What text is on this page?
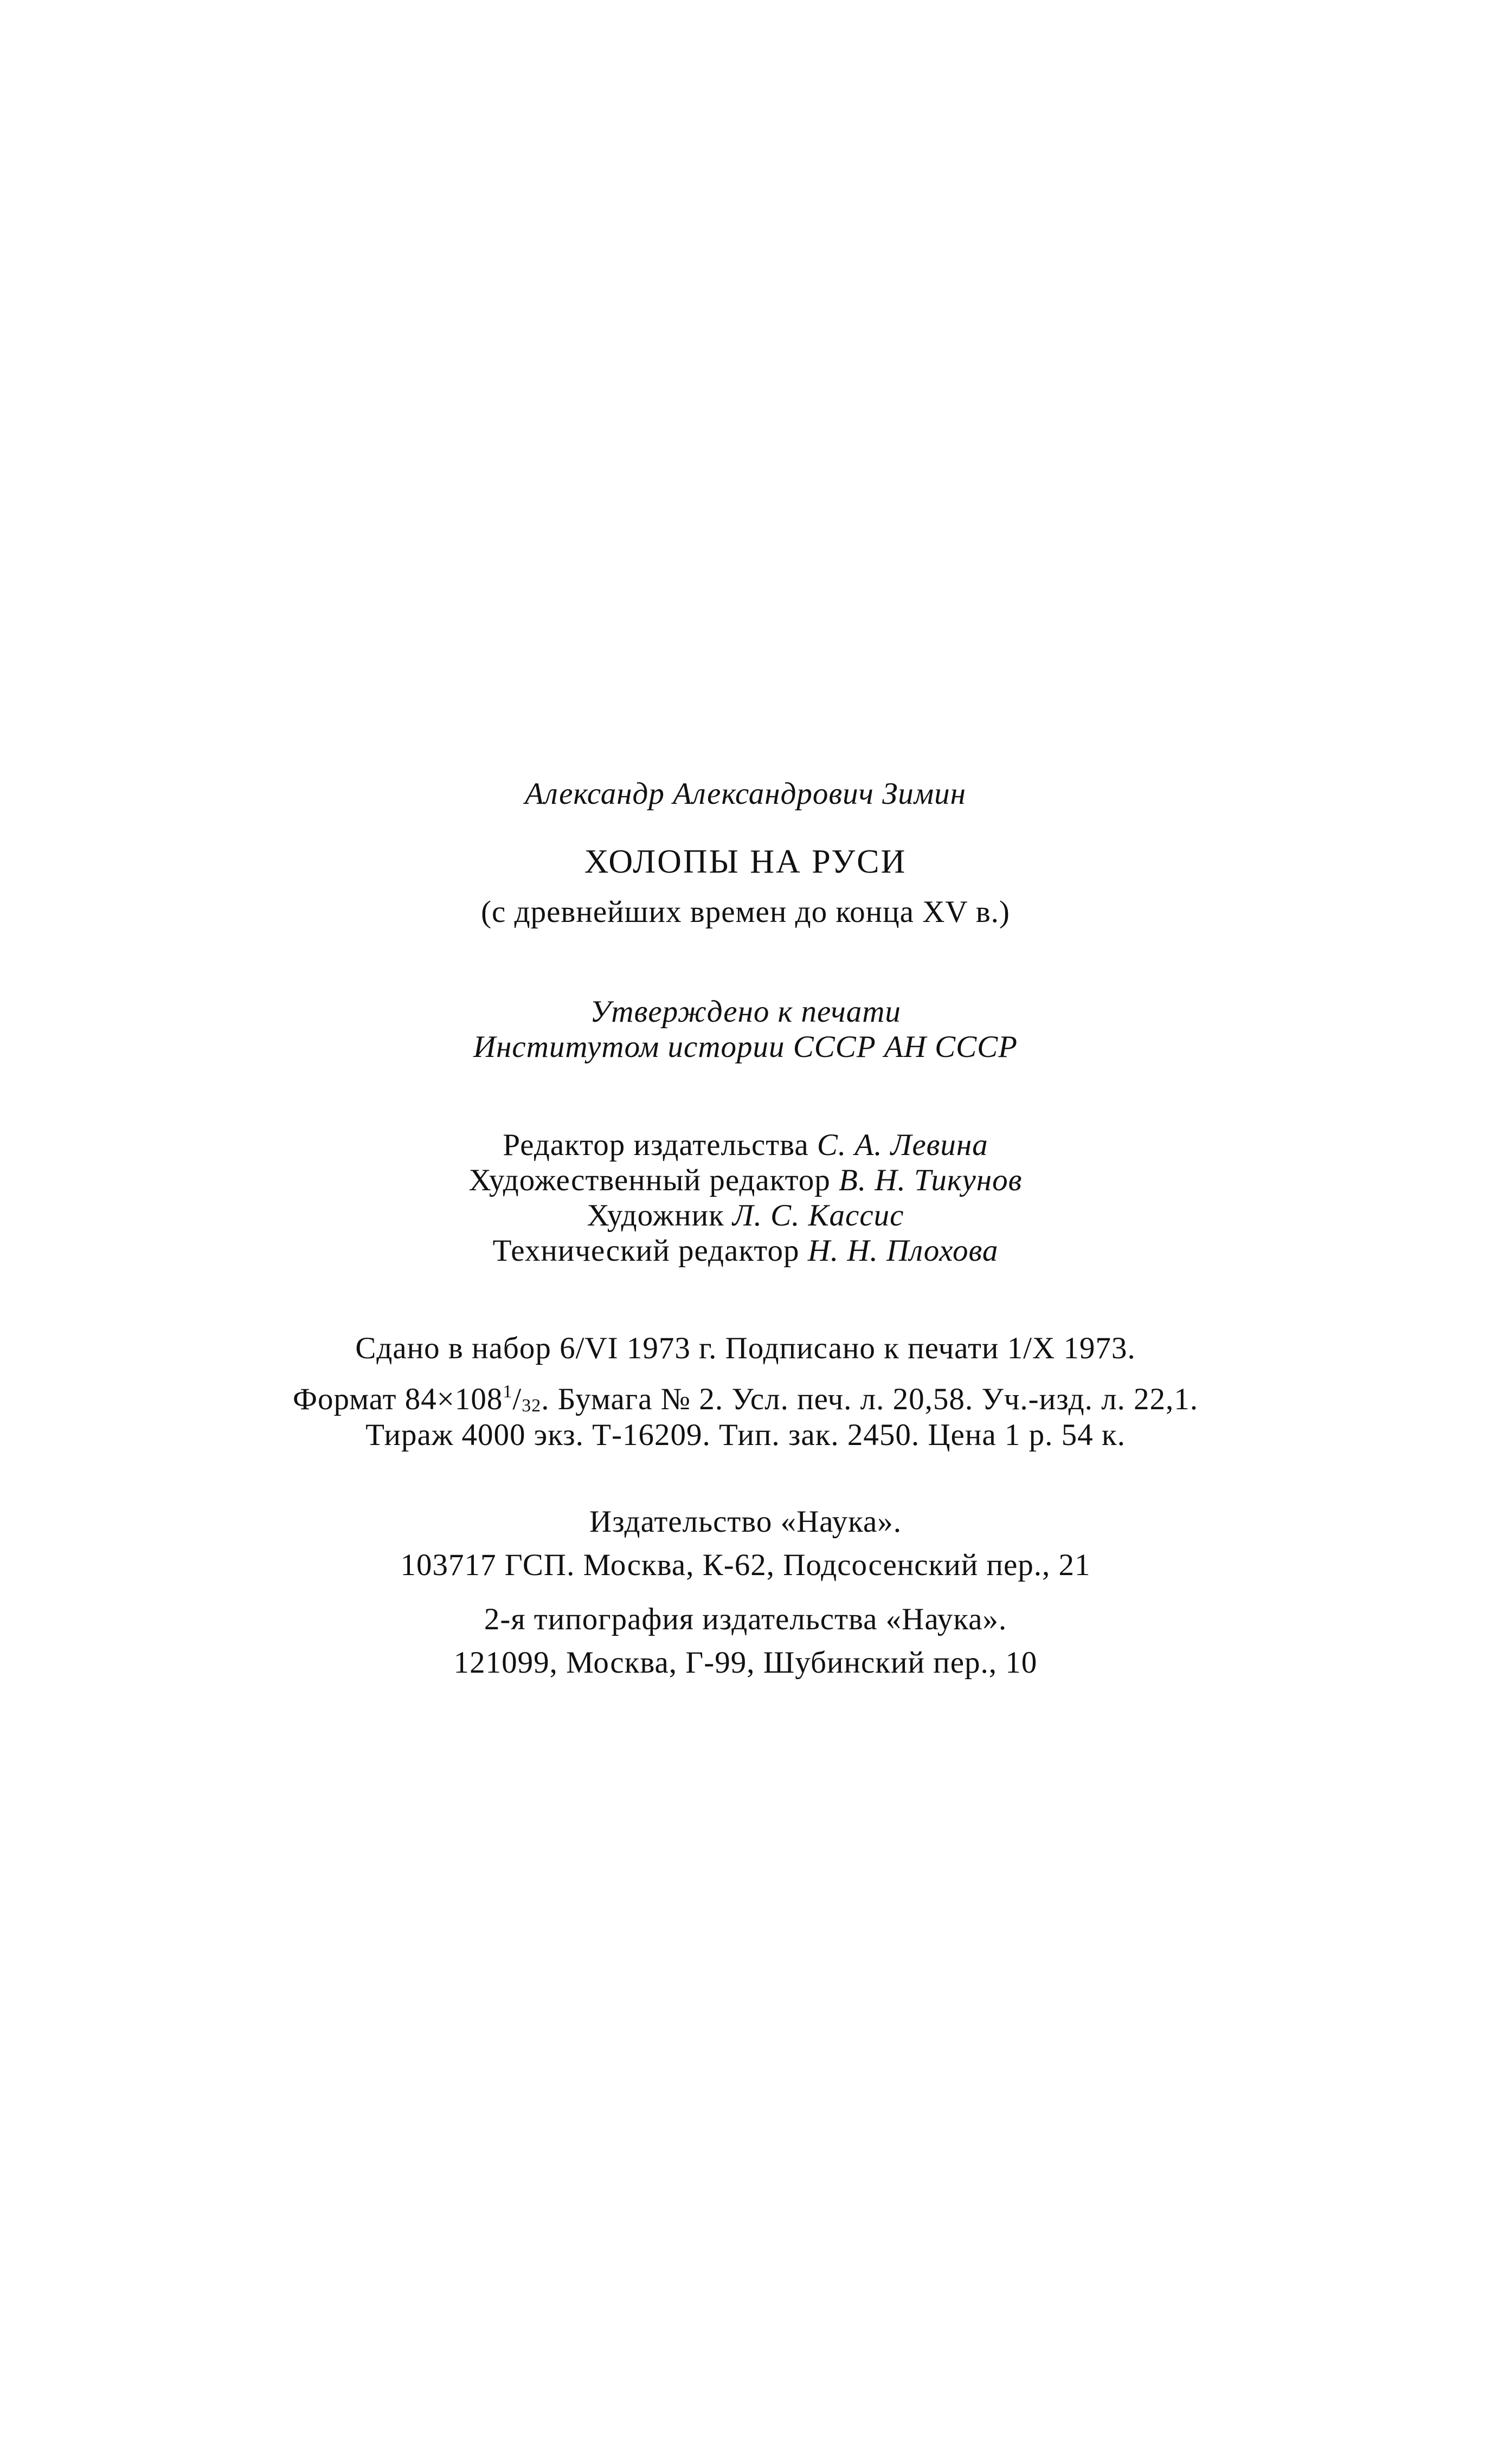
Александр Александрович Зимин
ХОЛОПЫ НА РУСИ
(с древнейших времен до конца XV в.)
Утверждено к печати
Институтом истории СССР АН СССР
Редактор издательства С. А. Левина
Художественный редактор В. Н. Тикунов
Художник Л. С. Кассис
Технический редактор Н. Н. Плохова
Сдано в набор 6/VI 1973 г. Подписано к печати 1/X 1973.
Формат $84\times 108^1/32$. Бумага № 2. Усл. печ. л. 20,58. Уч.-изд. л. 22,1.
Тираж 4000 экз. Т-16209. Тип. зак. 2450. Цена 1 р. 54 к.
Издательство «Наука».
103717 ГСП. Москва, К-62, Подсосенский пер., 21
2-я типография издательства «Наука».
121099, Москва, Г-99, Шубинский пер., 10
